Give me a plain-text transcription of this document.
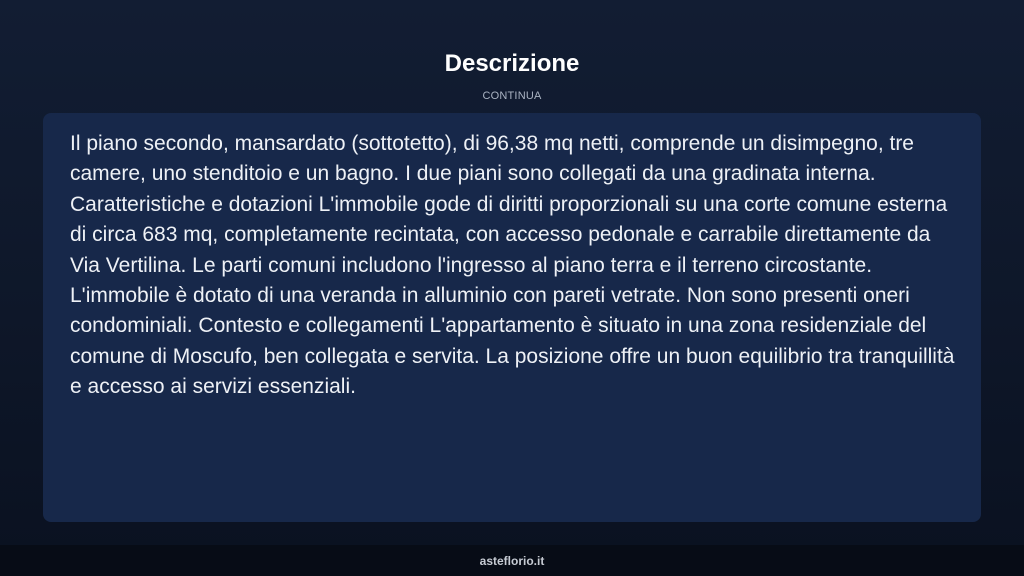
Descrizione
CONTINUA

Il piano secondo, mansardato (sottotetto), di 96,38 mq netti, comprende un disimpegno, tre camere, uno stenditoio e un bagno. I due piani sono collegati da una gradinata interna. Caratteristiche e dotazioni L'immobile gode di diritti proporzionali su una corte comune esterna di circa 683 mq, completamente recintata, con accesso pedonale e carrabile direttamente da Via Vertilina. Le parti comuni includono l'ingresso al piano terra e il terreno circostante. L'immobile è dotato di una veranda in alluminio con pareti vetrate. Non sono presenti oneri condominiali. Contesto e collegamenti L'appartamento è situato in una zona residenziale del comune di Moscufo, ben collegata e servita. La posizione offre un buon equilibrio tra tranquillità e accesso ai servizi essenziali.

asteflorio.it
